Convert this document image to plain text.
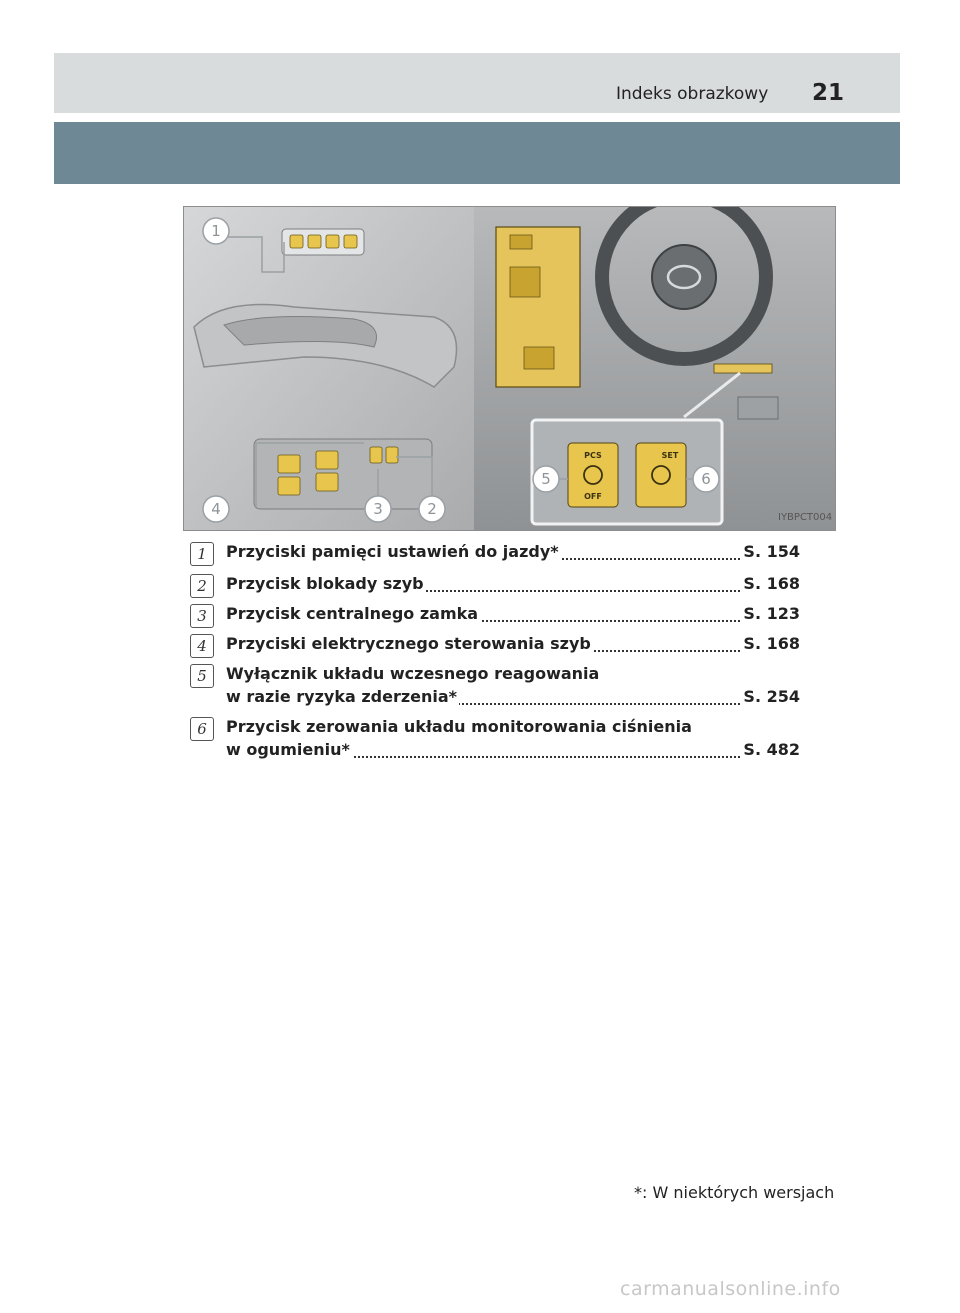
Indeks obrazkowy 21
PCS
OFF
SET
1
2
3
4
5	6
IYBPCT004
1	Przyciski pamięci ustawień do jazdy*	S. 154
2	Przycisk blokady szyb	S. 168
3	Przycisk centralnego zamka	S. 123
4	Przyciski elektrycznego sterowania szyb	S. 168
5	Wyłącznik układu wczesnego reagowania
w razie ryzyka zderzenia*	S. 254
6	Przycisk zerowania układu monitorowania ciśnienia
w ogumieniu*	S. 482
*: W niektórych wersjach
carmanualsonline.info
